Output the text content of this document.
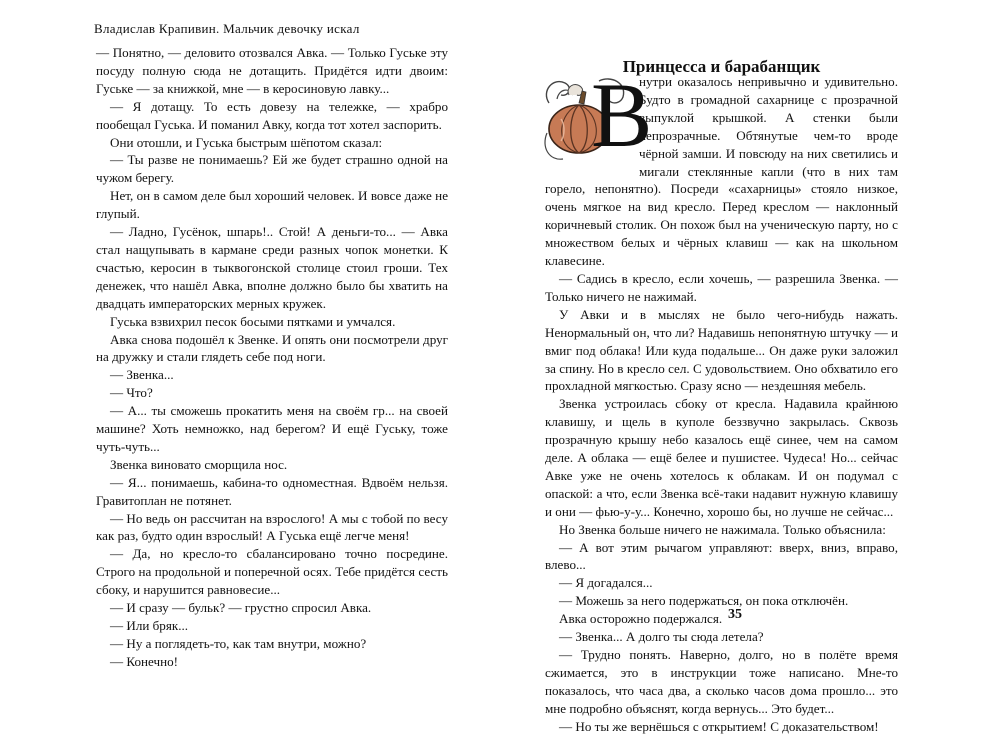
Владислав Крапивин. Мальчик девочку искал

— Понятно, — деловито отозвался Авка. — Только Гуське эту посуду полную сюда не дотащить. Придётся идти двоим: Гуське — за книжкой, мне — в керосиновую лавку...

— Я дотащу. То есть довезу на тележке, — храбро пообещал Гуська. И поманил Авку, когда тот хотел заспорить.

Они отошли, и Гуська быстрым шёпотом сказал:

— Ты разве не понимаешь? Ей же будет страшно одной на чужом берегу.

Нет, он в самом деле был хороший человек. И вовсе даже не глупый.

— Ладно, Гусёнок, шпарь!.. Стой! А деньги-то... — Авка стал нащупывать в кармане среди разных чопок монетки. К счастью, керосин в тыквогонской столице стоил гроши. Тех денежек, что нашёл Авка, вполне должно было бы хватить на двадцать императорских мерных кружек.

Гуська взвихрил песок босыми пятками и умчался.

Авка снова подошёл к Звенке. И опять они посмотрели друг на дружку и стали глядеть себе под ноги.

— Звенка...

— Что?

— А... ты сможешь прокатить меня на своём гр... на своей машине? Хоть немножко, над берегом? И ещё Гуську, тоже чуть-чуть...

Звенка виновато сморщила нос.

— Я... понимаешь, кабина-то одноместная. Вдвоём нельзя. Гравитоплан не потянет.

— Но ведь он рассчитан на взрослого! А мы с тобой по весу как раз, будто один взрослый! А Гуська ещё легче меня!

— Да, но кресло-то сбалансировано точно посредине. Строго на продольной и поперечной осях. Тебе придётся сесть сбоку, и нарушится равновесие...

— И сразу — бульк? — грустно спросил Авка.

— Или бряк...

— Ну а поглядеть-то, как там внутри, можно?

— Конечно!

В
нутри оказалось непривычно и удивительно. Будто в громадной сахарнице с прозрачной выпуклой крышкой. А стенки были непрозрачные. Обтянутые чем-то вроде чёрной замши. И повсюду на них светились и мигали стеклянные капли (что в них там горело, непонятно). Посреди «сахарницы» стояло низкое, очень мягкое на вид кресло. Перед креслом — наклонный коричневый столик. Он похож был на ученическую парту, но с множеством белых и чёрных клавиш — как на школьном клавесине.

— Садись в кресло, если хочешь, — разрешила Звенка. — Только ничего не нажимай.

У Авки и в мыслях не было чего-нибудь нажать. Ненормальный он, что ли? Надавишь непонятную штучку — и вмиг под облака! Или куда подальше... Он даже руки заложил за спину. Но в кресло сел. С удовольствием. Оно обхватило его прохладной мягкостью. Сразу ясно — нездешняя мебель.

Звенка устроилась сбоку от кресла. Надавила крайнюю клавишу, и щель в куполе беззвучно закрылась. Сквозь прозрачную крышу небо казалось ещё синее, чем на самом деле. А облака — ещё белее и пушистее. Чудеса! Но... сейчас Авке уже не очень хотелось к облакам. И он подумал с опаской: а что, если Звенка всё-таки надавит нужную клавишу и они — фью-у-у... Конечно, хорошо бы, но лучше не сейчас...

Но Звенка больше ничего не нажимала. Только объяснила:

— А вот этим рычагом управляют: вверх, вниз, вправо, влево...

— Я догадался...

— Можешь за него подержаться, он пока отключён.

Авка осторожно подержался.

— Звенка... А долго ты сюда летела?

— Трудно понять. Наверно, долго, но в полёте время сжимается, это в инструкции тоже написано. Мне-то показалось, что часа два, а сколько часов дома прошло... это мне подробно объяснят, когда вернусь... Это будет...

— Но ты же вернёшься с открытием! С доказательством!

Принцесса и барабанщик
35
